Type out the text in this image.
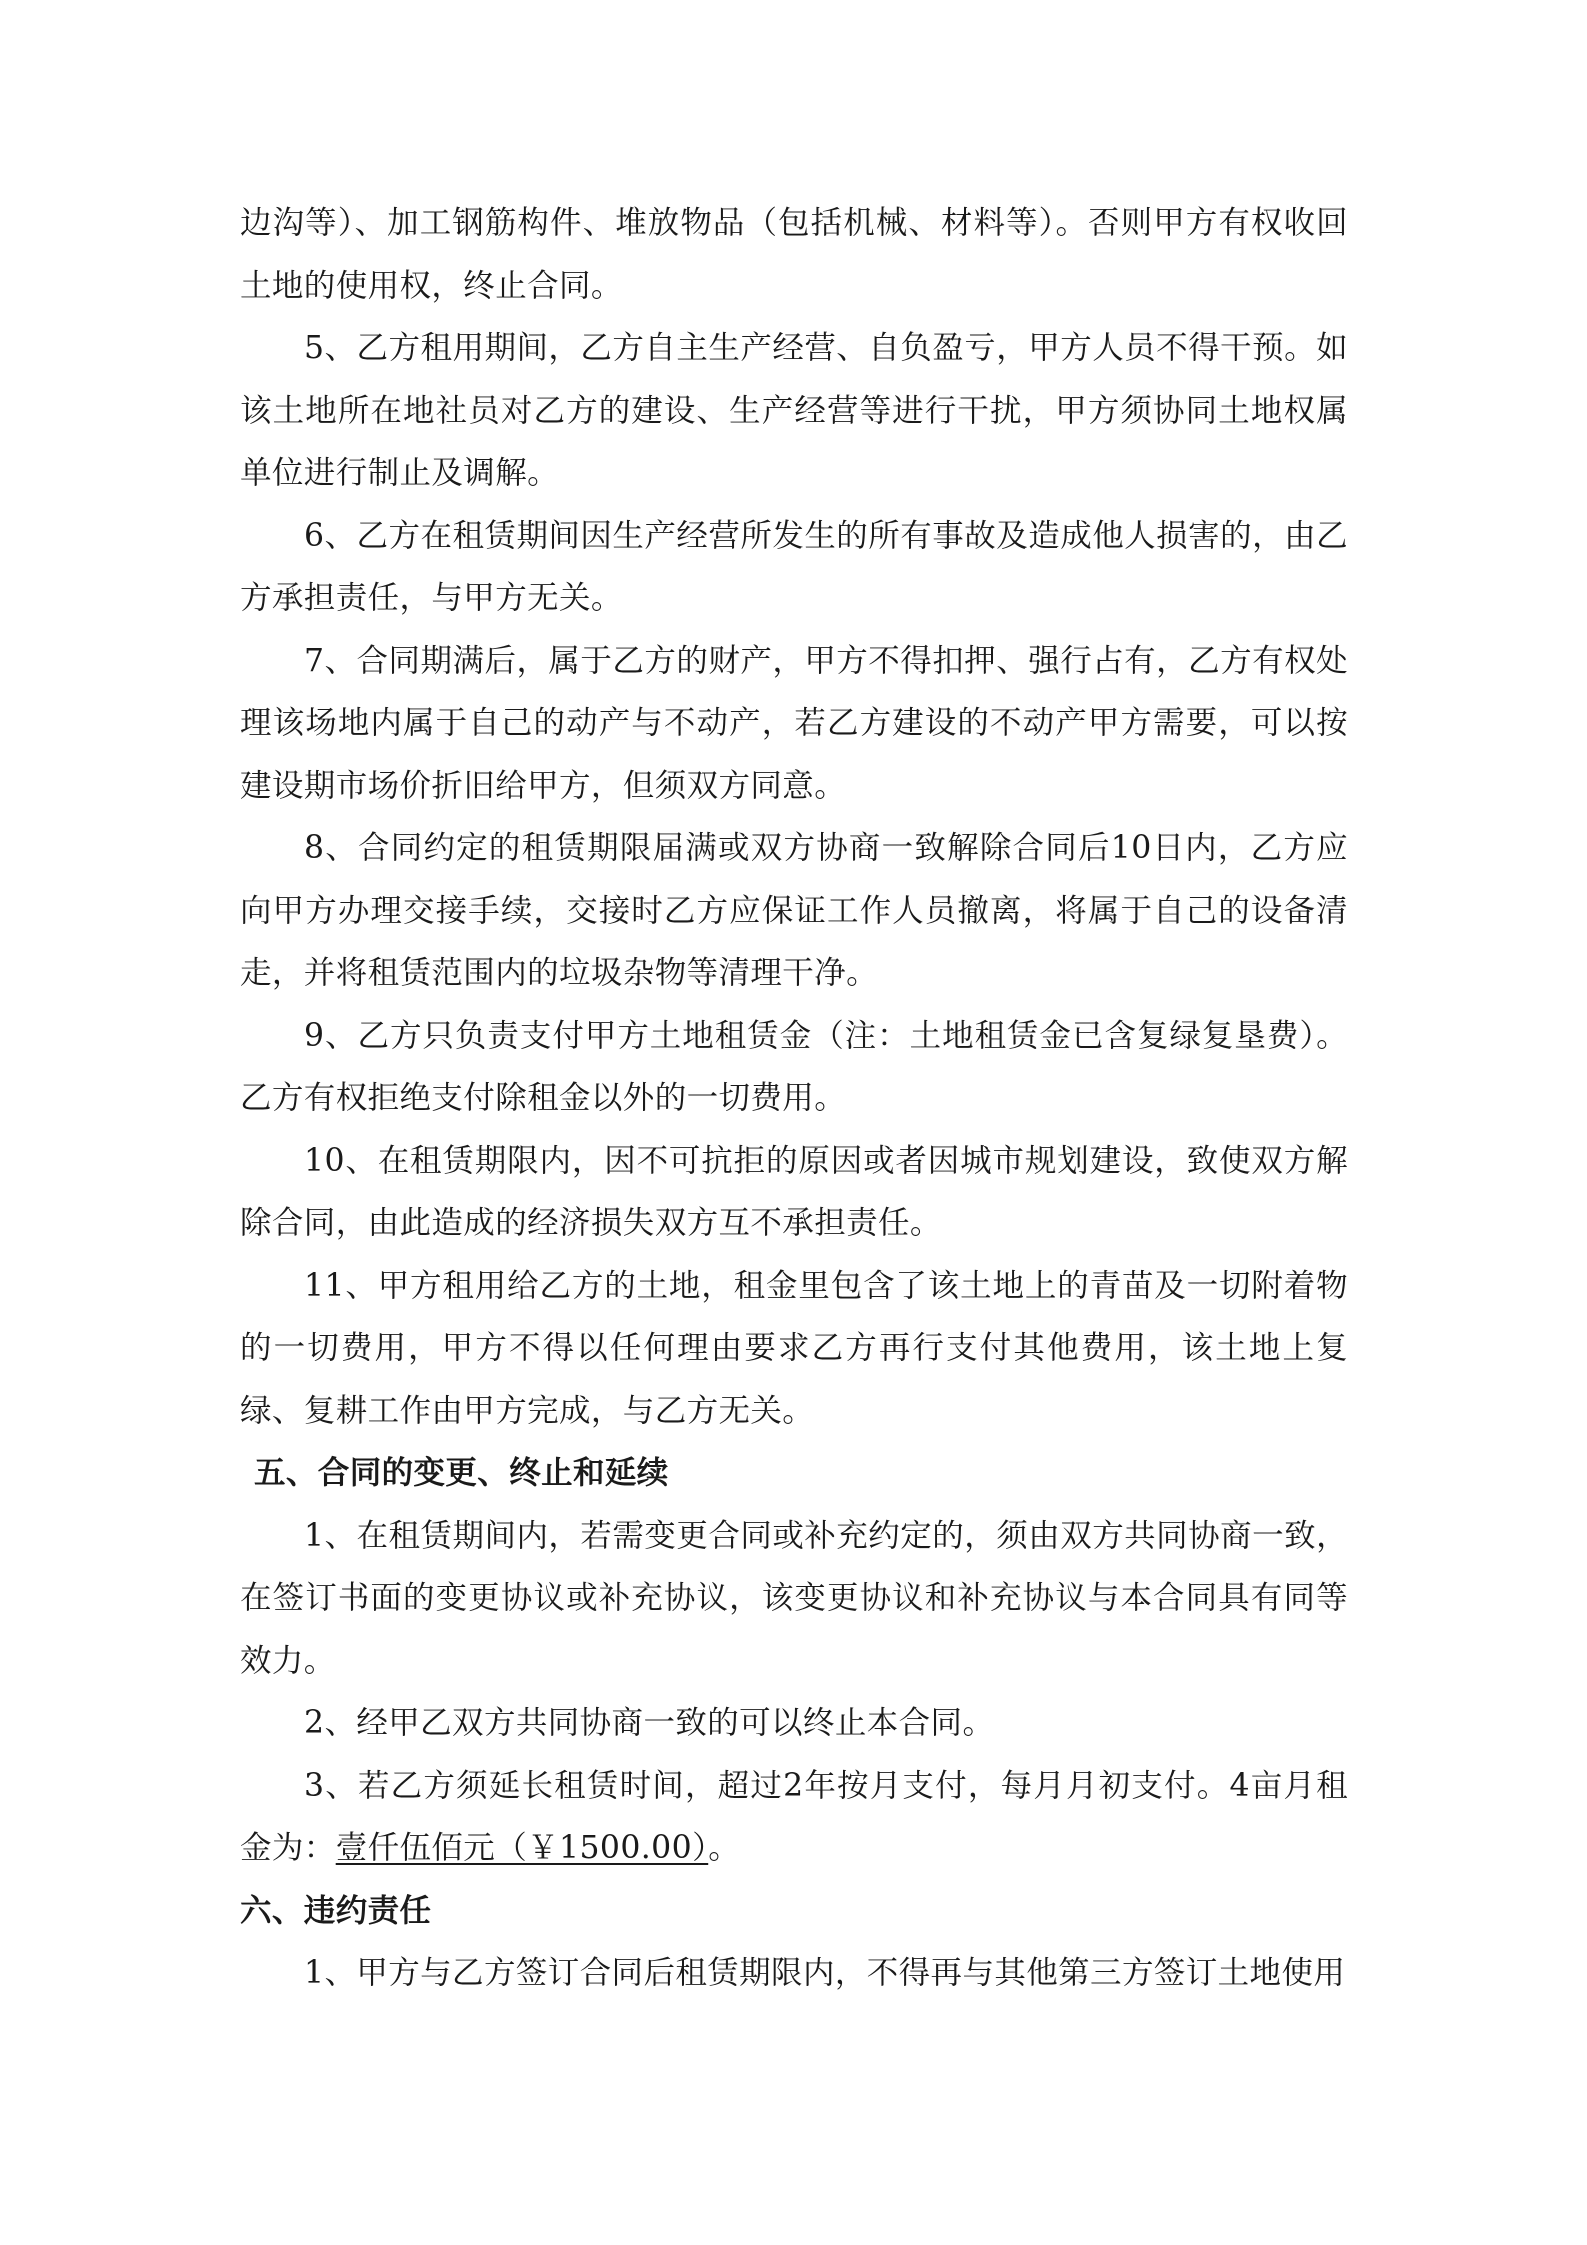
边沟等）、加工钢筋构件、堆放物品（包括机械、材料等）。否则甲方有权收回土地的使用权，终止合同。

5、乙方租用期间，乙方自主生产经营、自负盈亏，甲方人员不得干预。如该土地所在地社员对乙方的建设、生产经营等进行干扰，甲方须协同土地权属单位进行制止及调解。

6、乙方在租赁期间因生产经营所发生的所有事故及造成他人损害的，由乙方承担责任，与甲方无关。

7、合同期满后，属于乙方的财产，甲方不得扣押、强行占有，乙方有权处理该场地内属于自己的动产与不动产，若乙方建设的不动产甲方需要，可以按建设期市场价折旧给甲方，但须双方同意。

8、合同约定的租赁期限届满或双方协商一致解除合同后10日内，乙方应向甲方办理交接手续，交接时乙方应保证工作人员撤离，将属于自己的设备清走，并将租赁范围内的垃圾杂物等清理干净。

9、乙方只负责支付甲方土地租赁金（注：土地租赁金已含复绿复垦费）。乙方有权拒绝支付除租金以外的一切费用。

10、在租赁期限内，因不可抗拒的原因或者因城市规划建设，致使双方解除合同，由此造成的经济损失双方互不承担责任。

11、甲方租用给乙方的土地，租金里包含了该土地上的青苗及一切附着物的一切费用，甲方不得以任何理由要求乙方再行支付其他费用，该土地上复绿、复耕工作由甲方完成，与乙方无关。

五、合同的变更、终止和延续

1、在租赁期间内，若需变更合同或补充约定的，须由双方共同协商一致，在签订书面的变更协议或补充协议，该变更协议和补充协议与本合同具有同等效力。

2、经甲乙双方共同协商一致的可以终止本合同。

3、若乙方须延长租赁时间，超过2年按月支付，每月月初支付。4亩月租金为：壹仟伍佰元（￥1500.00）。

六、违约责任

1、甲方与乙方签订合同后租赁期限内，不得再与其他第三方签订土地使用
